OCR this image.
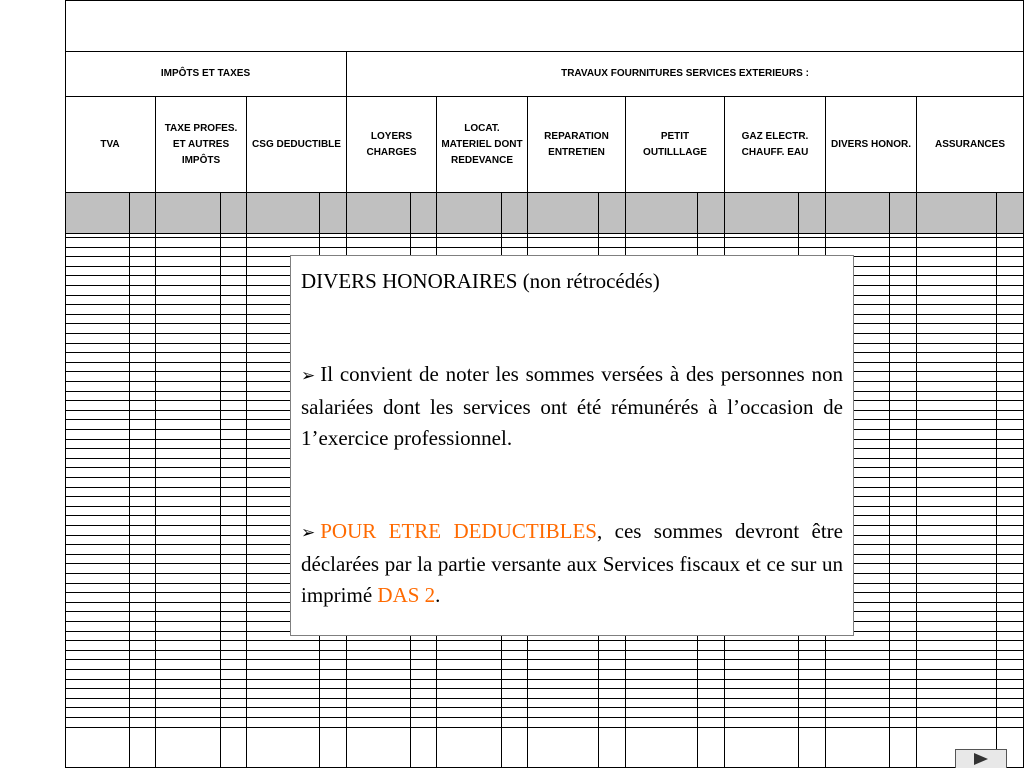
IMPÔTS ET TAXES	TRAVAUX FOURNITURES SERVICES EXTERIEURS :
TVA
TAXE PROFES.
ET AUTRES
IMPÔTS
CSG DEDUCTIBLE
LOYERS
CHARGES
LOCAT.
MATERIEL DONT
REDEVANCE
REPARATION
ENTRETIEN
PETIT
OUTILLLAGE
GAZ ELECTR.
CHAUFF. EAU
DIVERS HONOR.	ASSURANCES
DIVERS HONORAIRES (non rétrocédés)
➢ Il convient de noter les sommes versées à des personnes non salariées dont les services ont été rémunérés à l’occasion de 1’exercice professionnel.
➢ POUR ETRE DEDUCTIBLES, ces sommes devront être déclarées par la partie versante aux Services fiscaux et ce sur un imprimé DAS 2.
